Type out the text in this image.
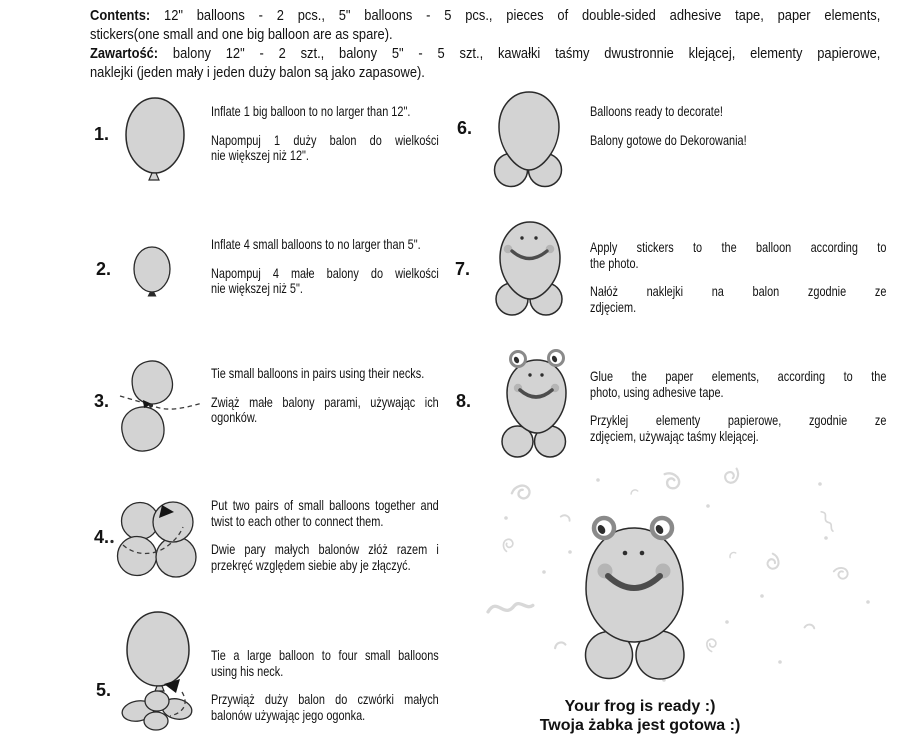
Contents: 12" balloons - 2 pcs., 5" balloons - 5 pcs., pieces of double-sided adhesive tape, paper elements,
stickers(one small and one big balloon are as spare).
Zawartość: balony 12" - 2 szt., balony 5" - 5 szt., kawałki taśmy dwustronnie klejącej, elementy papierowe,
naklejki (jeden mały i jeden duży balon są jako zapasowe).
1.

Inflate 1 big balloon to no larger than 12".

Napompuj 1 duży balon do wielkości
nie większej niż 12".

2.

Inflate 4 small balloons to no larger than 5".

Napompuj 4 małe balony do wielkości
nie większej niż 5".

3.

Tie small balloons in pairs using their necks.

Zwiąż małe balony parami, używając ich
ogonków.

4.

Put two pairs of small balloons together and
twist to each other to connect them.

Dwie pary małych balonów złóż razem i
przekręć względem siebie aby je złączyć.

5.

Tie a large balloon to four small balloons
using his neck.

Przywiąż duży balon do czwórki małych
balonów używając jego ogonka.

6.

Balloons ready to decorate!

Balony gotowe do Dekorowania!

7.

Apply stickers to the balloon according to
the photo.

Nałóż naklejki na balon zgodnie ze
zdjęciem.

8.

Glue the paper elements, according to the
photo, using adhesive tape.

Przyklej elementy papierowe, zgodnie ze
zdjęciem, używając taśmy klejącej.

Your frog is ready :)

Twoja żabka jest gotowa :)
